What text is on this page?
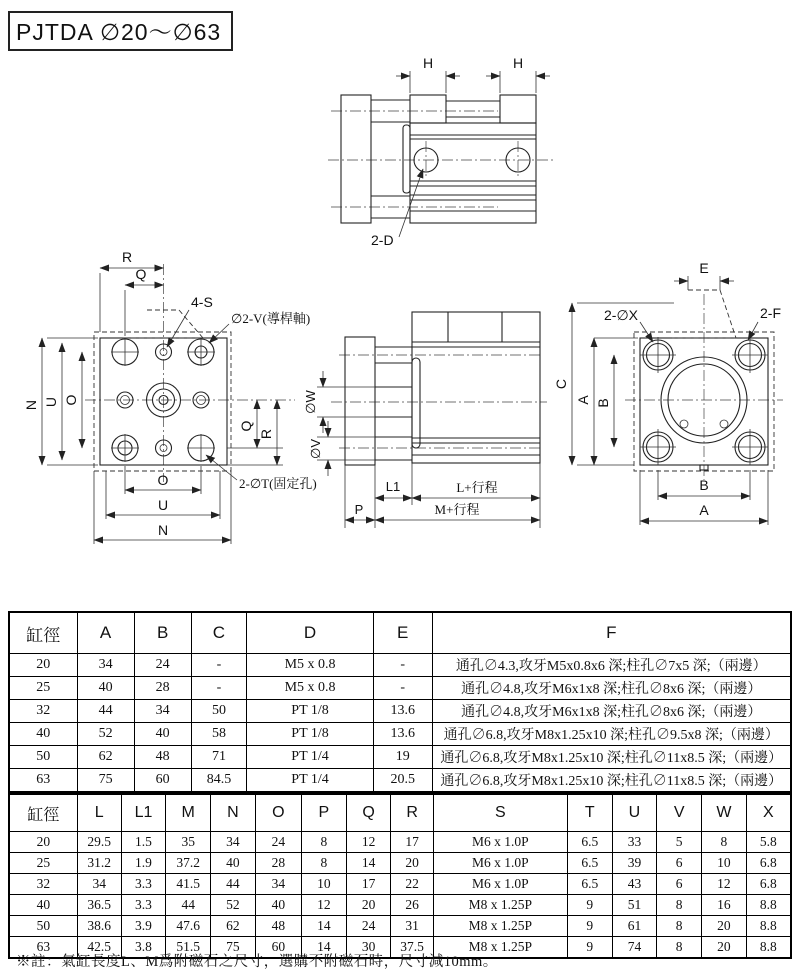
PJTDA ∅20～∅63
H	H
2-D
R
Q
N U O
Q
R
O
U
N
4-S
∅2-V(導桿軸)
2-∅T(固定孔)
∅W
∅V
L1	L+行程
P	M+行程
E
2-∅X	2-F
C
A B
B
A
缸徑	A	B	C	D	E	F
20	34	24	-	M5 x 0.8	-	通孔∅4.3,攻牙M5x0.8x6 深;柱孔∅7x5 深;（兩邊）
25	40	28	-	M5 x 0.8	-	通孔∅4.8,攻牙M6x1x8 深;柱孔∅8x6 深;（兩邊）
32	44	34	50	PT 1/8	13.6	通孔∅4.8,攻牙M6x1x8 深;柱孔∅8x6 深;（兩邊）
40	52	40	58	PT 1/8	13.6	通孔∅6.8,攻牙M8x1.25x10 深;柱孔∅9.5x8 深;（兩邊）
50	62	48	71	PT 1/4	19	通孔∅6.8,攻牙M8x1.25x10 深;柱孔∅11x8.5 深;（兩邊）
63	75	60	84.5	PT 1/4	20.5	通孔∅6.8,攻牙M8x1.25x10 深;柱孔∅11x8.5 深;（兩邊）
缸徑	L	L1	M	N	O	P	Q	R	S	T	U	V	W	X
20	29.5	1.5	35	34	24	8	12	17	M6 x 1.0P	6.5	33	5	8	5.8
25	31.2	1.9	37.2	40	28	8	14	20	M6 x 1.0P	6.5	39	6	10	6.8
32	34	3.3	41.5	44	34	10	17	22	M6 x 1.0P	6.5	43	6	12	6.8
40	36.5	3.3	44	52	40	12	20	26	M8 x 1.25P	9	51	8	16	8.8
50	38.6	3.9	47.6	62	48	14	24	31	M8 x 1.25P	9	61	8	20	8.8
63	42.5	3.8	51.5	75	60	14	30	37.5	M8 x 1.25P	9	74	8	20	8.8
※註：氣缸長度L、M爲附磁石之尺寸，選購不附磁石時，尺寸減10mm。
